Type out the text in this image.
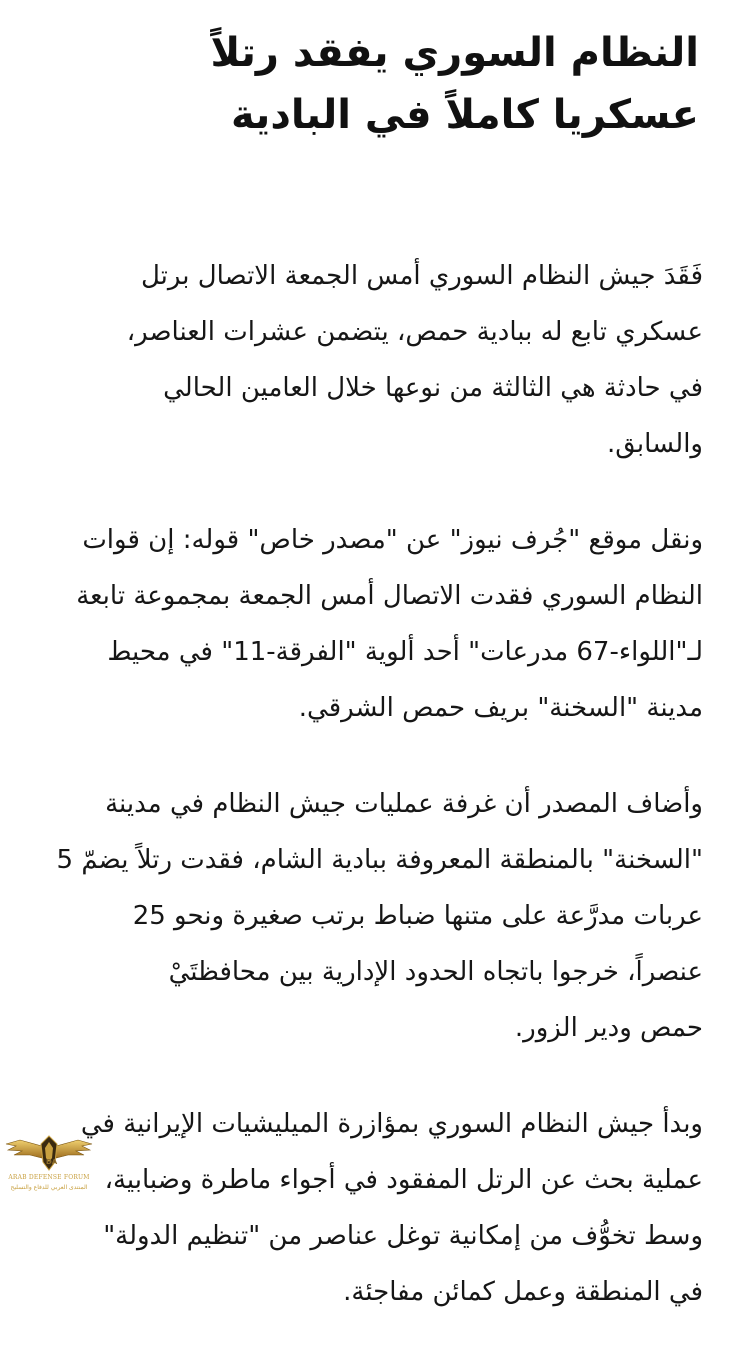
النظام السوري يفقد رتلاً
عسكريا كاملاً في البادية
فَقَدَ جيش النظام السوري أمس الجمعة الاتصال برتل
عسكري تابع له ببادية حمص، يتضمن عشرات العناصر،
في حادثة هي الثالثة من نوعها خلال العامين الحالي
والسابق.
ونقل موقع "جُرف نيوز" عن "مصدر خاص" قوله: إن قوات
النظام السوري فقدت الاتصال أمس الجمعة بمجموعة تابعة
لـ"اللواء-67 مدرعات" أحد ألوية "الفرقة-11" في محيط
مدينة "السخنة" بريف حمص الشرقي.
وأضاف المصدر أن غرفة عمليات جيش النظام في مدينة
"السخنة" بالمنطقة المعروفة ببادية الشام، فقدت رتلاً يضمّ 5
عربات مدرَّعة على متنها ضباط برتب صغيرة ونحو 25
عنصراً، خرجوا باتجاه الحدود الإدارية بين محافظتَيْ
حمص ودير الزور.
وبدأ جيش النظام السوري بمؤازرة الميليشيات الإيرانية في
عملية بحث عن الرتل المفقود في أجواء ماطرة وضبابية،
وسط تخوُّف من إمكانية توغل عناصر من "تنظيم الدولة"
في المنطقة وعمل كمائن مفاجئة.
DA
ARAB DEFENSE FORUM
المنتدى العربي للدفاع والتسليح
